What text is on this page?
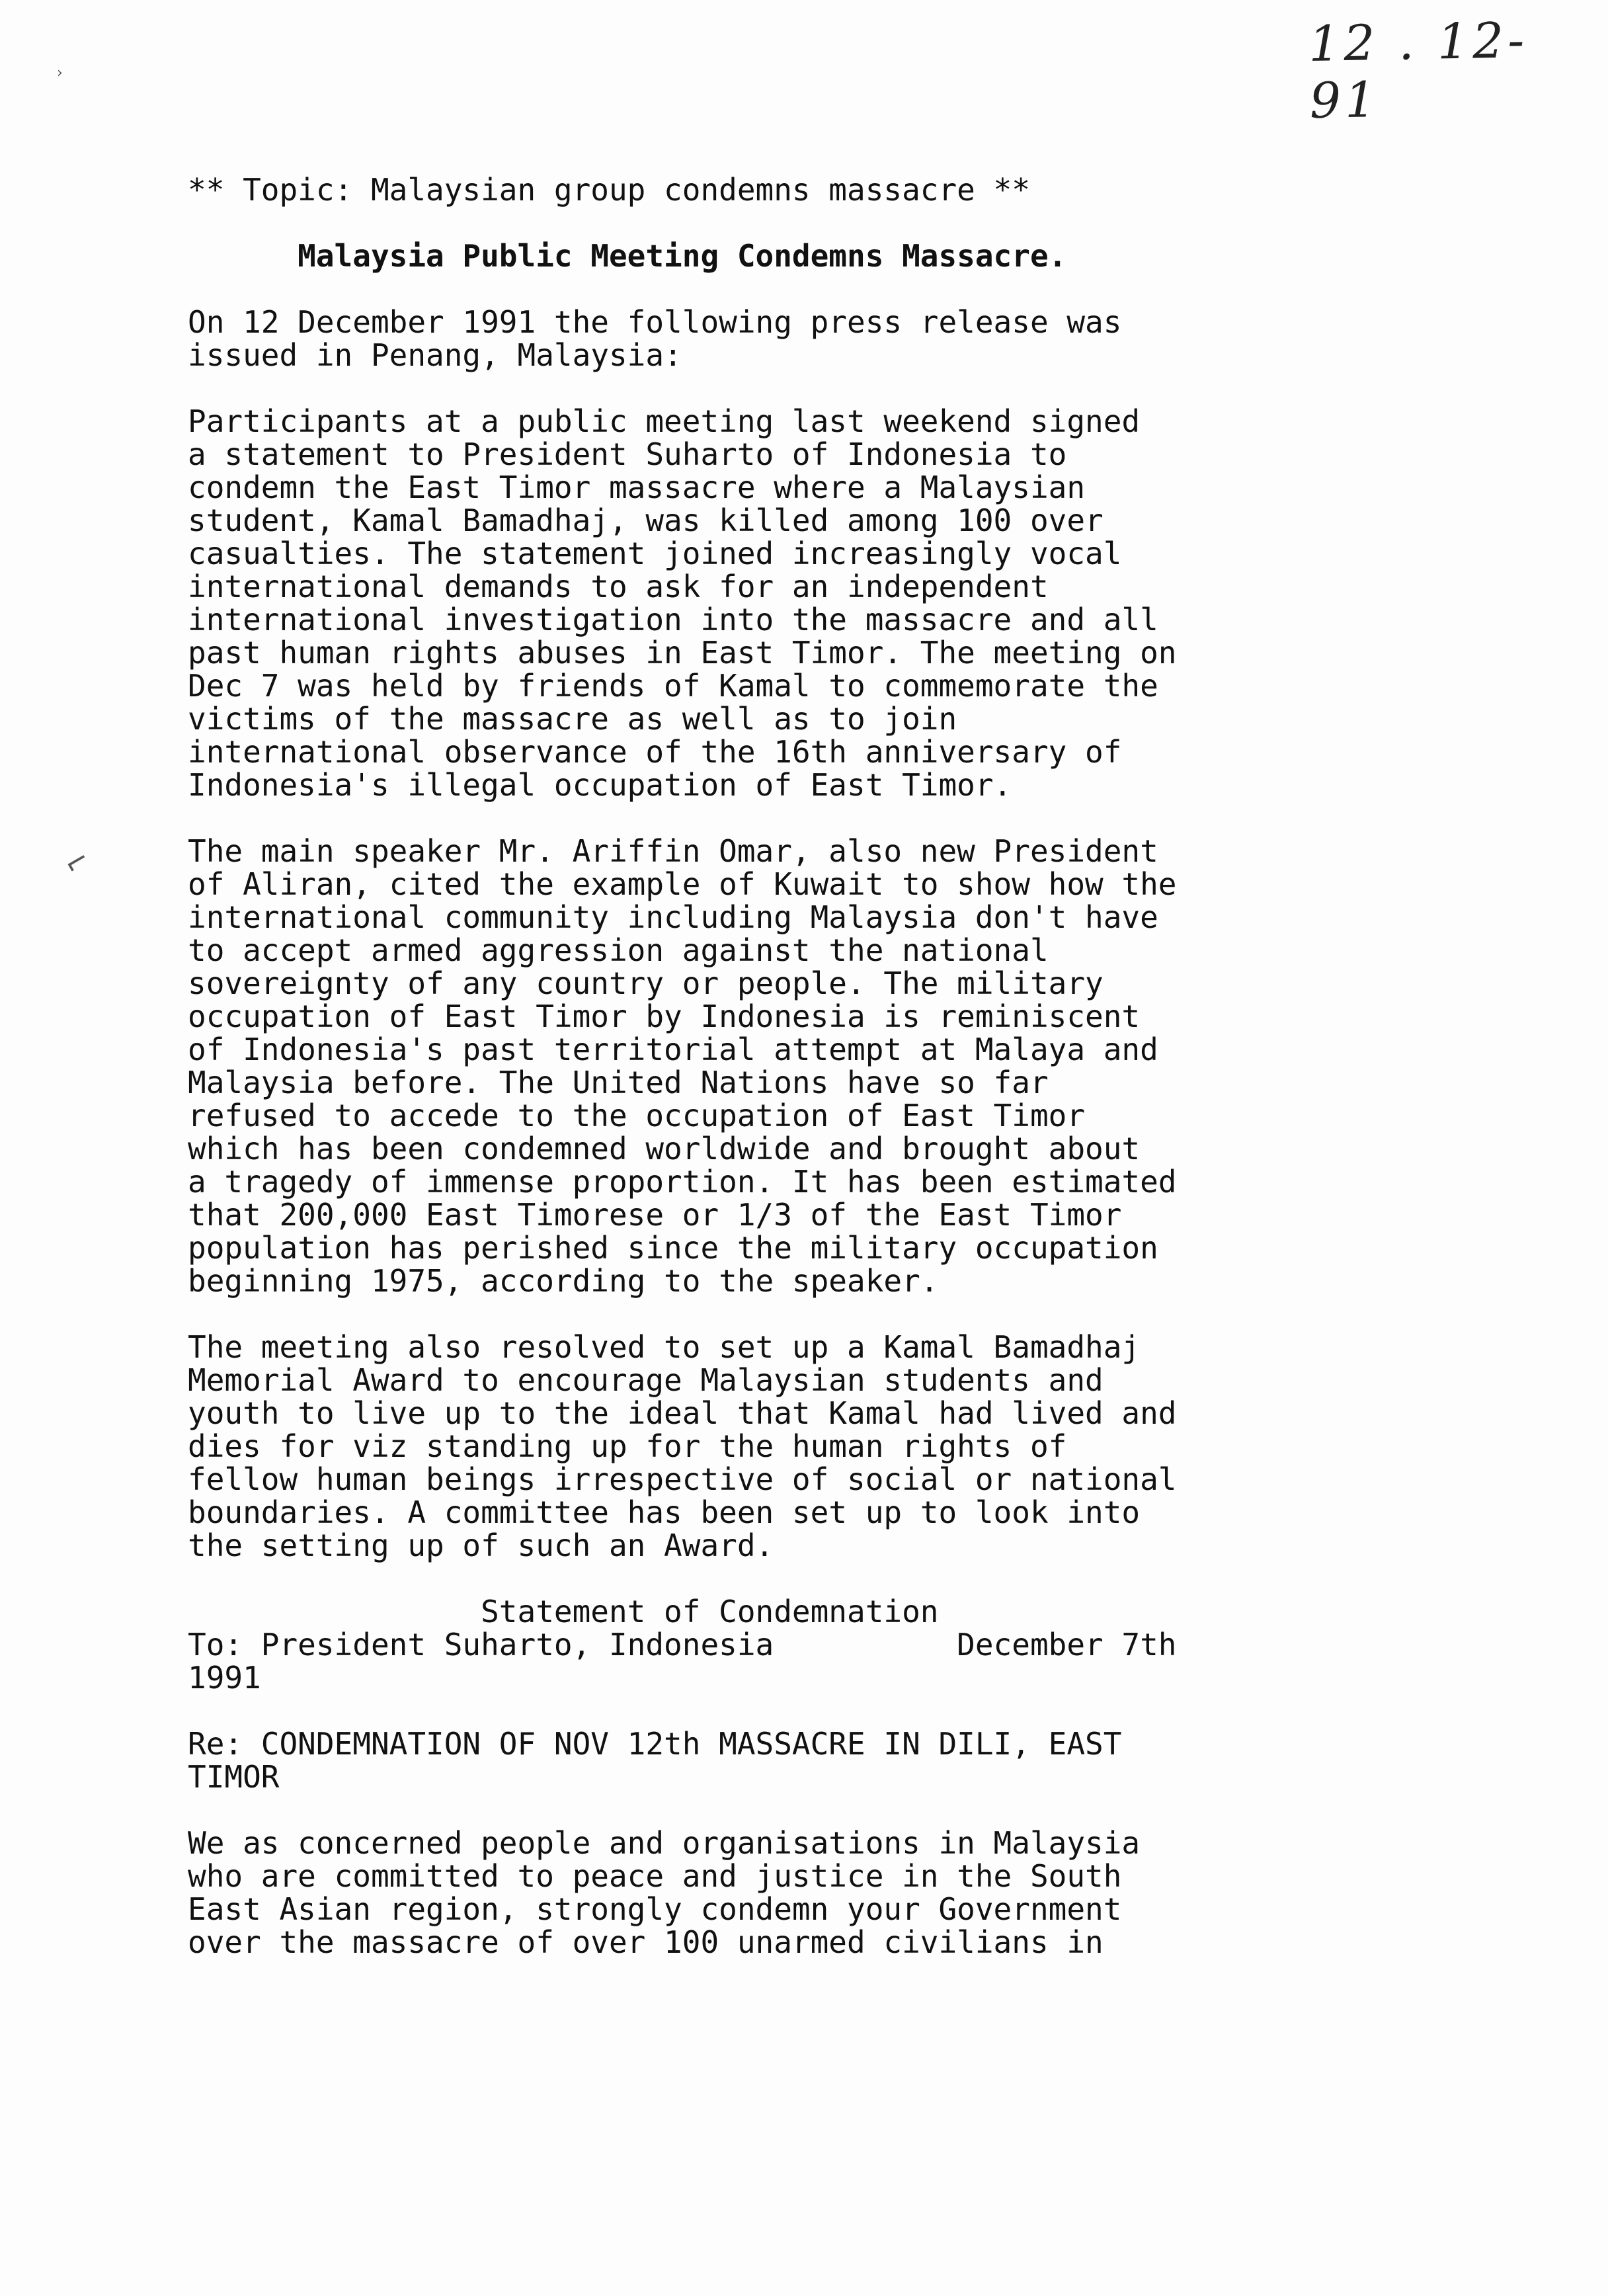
12 . 12- 91
›
⌐

** Topic: Malaysian group condemns massacre **

Malaysia Public Meeting Condemns Massacre.

On 12 December 1991 the following press release was

issued in Penang, Malaysia:

Participants at a public meeting last weekend signed

a statement to President Suharto of Indonesia to

condemn the East Timor massacre where a Malaysian

student, Kamal Bamadhaj, was killed among 100 over

casualties. The statement joined increasingly vocal

international demands to ask for an independent

international investigation into the massacre and all

past human rights abuses in East Timor. The meeting on

Dec 7 was held by friends of Kamal to commemorate the

victims of the massacre as well as to join

international observance of the 16th anniversary of

Indonesia's illegal occupation of East Timor.

The main speaker Mr. Ariffin Omar, also new President

of Aliran, cited the example of Kuwait to show how the

international community including Malaysia don't have

to accept armed aggression against the national

sovereignty of any country or people. The military

occupation of East Timor by Indonesia is reminiscent

of Indonesia's past territorial attempt at Malaya and

Malaysia before. The United Nations have so far

refused to accede to the occupation of East Timor

which has been condemned worldwide and brought about

a tragedy of immense proportion. It has been estimated

that 200,000 East Timorese or 1/3 of the East Timor

population has perished since the military occupation

beginning 1975, according to the speaker.

The meeting also resolved to set up a Kamal Bamadhaj

Memorial Award to encourage Malaysian students and

youth to live up to the ideal that Kamal had lived and

dies for viz standing up for the human rights of

fellow human beings irrespective of social or national

boundaries. A committee has been set up to look into

the setting up of such an Award.

Statement of Condemnation

To: President Suharto, Indonesia          December 7th

1991

Re: CONDEMNATION OF NOV 12th MASSACRE IN DILI, EAST

TIMOR

We as concerned people and organisations in Malaysia

who are committed to peace and justice in the South

East Asian region, strongly condemn your Government

over the massacre of over 100 unarmed civilians in
